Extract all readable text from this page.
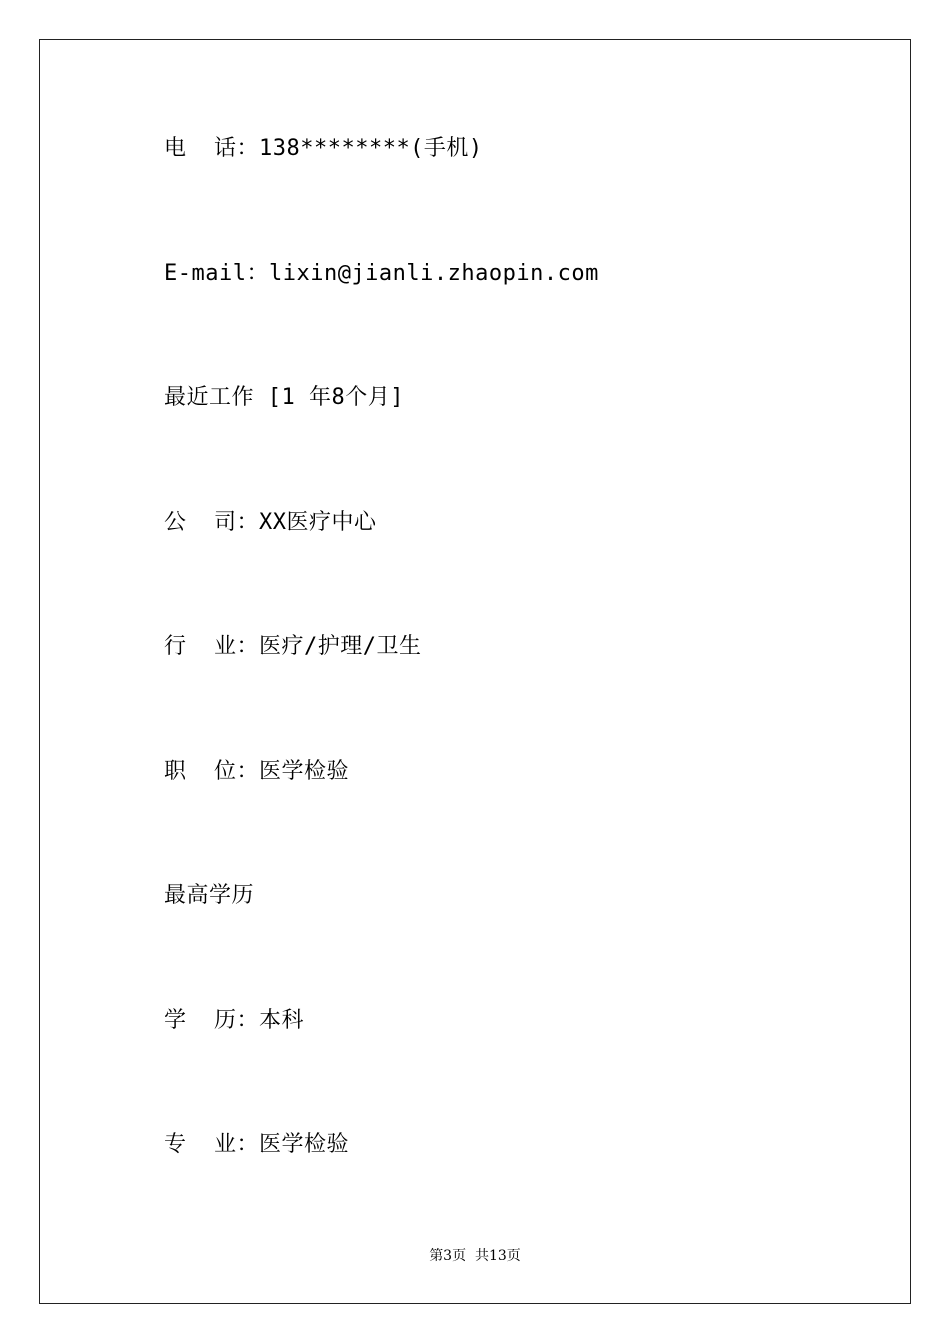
电  话：138********(手机)
E-mail：lixin@jianli.zhaopin.com
最近工作 [1 年8个月]
公  司：XX医疗中心
行  业：医疗/护理/卫生
职  位：医学检验
最高学历
学  历：本科
专  业：医学检验
第3页  共13页
